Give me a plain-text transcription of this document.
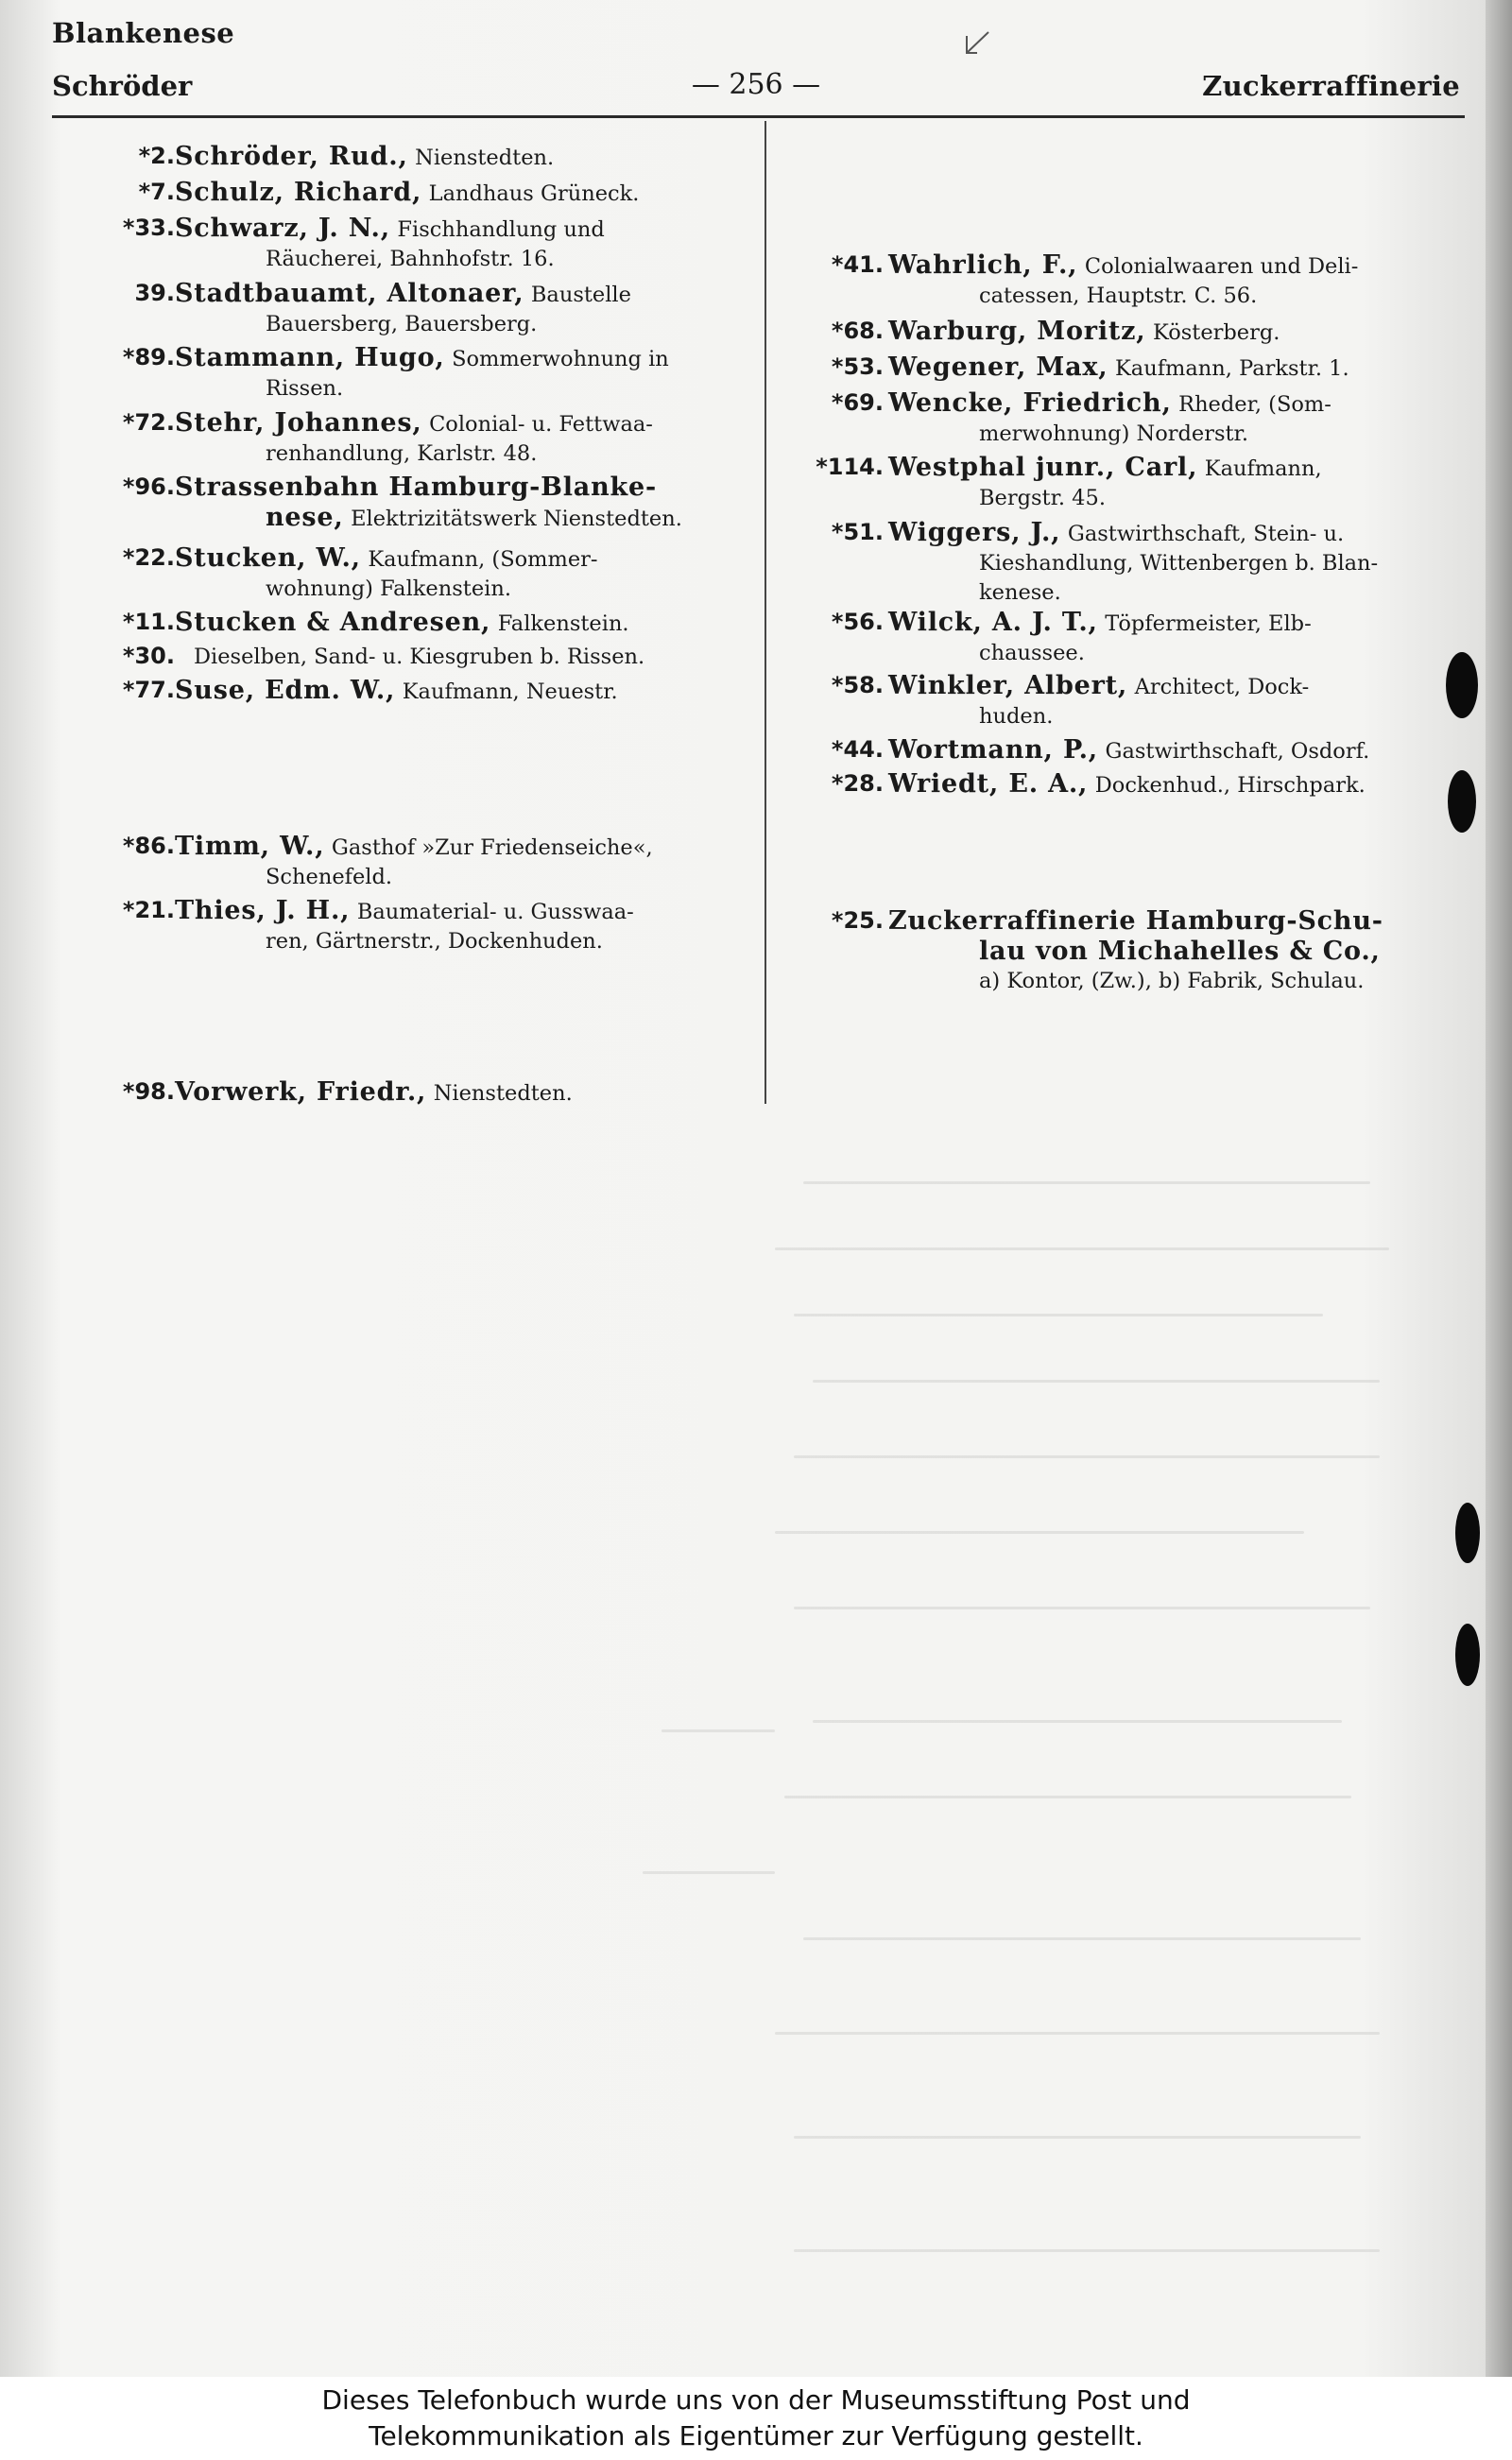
Blankenese
Schröder	— 256 —	Zuckerraffinerie
*2. Schröder, Rud., Nienstedten.
*7. Schulz, Richard, Landhaus Grüneck.
*33. Schwarz, J. N., Fischhandlung und
Räucherei, Bahnhofstr. 16.
39. Stadtbauamt, Altonaer, Baustelle
Bauersberg, Bauersberg.
*89. Stammann, Hugo, Sommerwohnung in
Rissen.
*72. Stehr, Johannes, Colonial- u. Fettwaa-
renhandlung, Karlstr. 48.
*96. Strassenbahn Hamburg-Blanke-
nese, Elektrizitätswerk Nienstedten.
*22. Stucken, W., Kaufmann, (Sommer-
wohnung) Falkenstein.
*11. Stucken & Andresen, Falkenstein.
*30. Dieselben, Sand- u. Kiesgruben b. Rissen.
*77. Suse, Edm. W., Kaufmann, Neuestr.
*86. Timm, W., Gasthof »Zur Friedenseiche«,
Schenefeld.
*21. Thies, J. H., Baumaterial- u. Gusswaa-
ren, Gärtnerstr., Dockenhuden.
*98. Vorwerk, Friedr., Nienstedten.
*41. Wahrlich, F., Colonialwaaren und Deli-
catessen, Hauptstr. C. 56.
*68. Warburg, Moritz, Kösterberg.
*53. Wegener, Max, Kaufmann, Parkstr. 1.
*69. Wencke, Friedrich, Rheder, (Som-
merwohnung) Norderstr.
*114. Westphal junr., Carl, Kaufmann,
Bergstr. 45.
*51. Wiggers, J., Gastwirthschaft, Stein- u.
Kieshandlung, Wittenbergen b. Blan-
kenese.
*56. Wilck, A. J. T., Töpfermeister, Elb-
chaussee.
*58. Winkler, Albert, Architect, Dock-
huden.
*44. Wortmann, P., Gastwirthschaft, Osdorf.
*28. Wriedt, E. A., Dockenhud., Hirschpark.
*25. Zuckerraffinerie Hamburg-Schu-
lau von Michahelles & Co.,
a) Kontor, (Zw.), b) Fabrik, Schulau.
Dieses Telefonbuch wurde uns von der Museumsstiftung Post und
Telekommunikation als Eigentümer zur Verfügung gestellt.
